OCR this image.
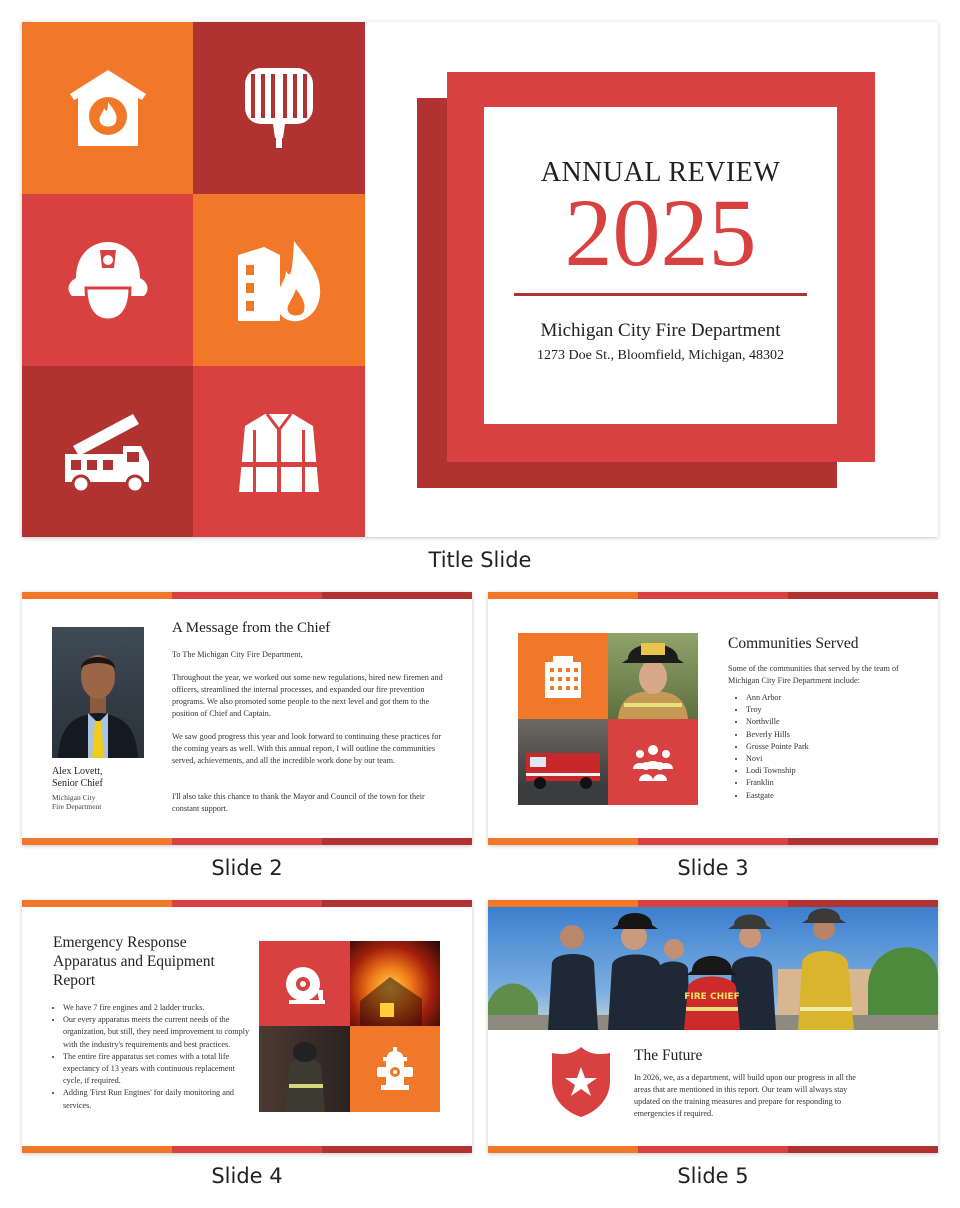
ANNUAL REVIEW
2025
Michigan City Fire Department
1273 Doe St., Bloomfield, Michigan, 48302
Title Slide
Alex Lovett,
Senior Chief
Michigan City
Fire Department
A Message from the Chief
To The Michigan City Fire Department,
Throughout the year, we worked out some new regulations, hired new firemen and officers, streamlined the internal processes, and expanded our fire prevention programs. We also promoted some people to the next level and got them to the position of Chief and Captain.
We saw good progress this year and look forward to continuing these practices for the coming years as well. With this annual report, I will outline the communities served, achievements, and all the incredible work done by our team.
I'll also take this chance to thank the Mayor and Council of the town for their constant support.
Slide 2
Communities Served
Some of the communities that served by the team of Michigan City Fire Department include:
• Ann Arbor
• Troy
• Northville
• Beverly Hills
• Grosse Pointe Park
• Novi
• Lodi Township
• Franklin
• Eastgate
Slide 3
Emergency Response Apparatus and Equipment Report
• We have 7 fire engines and 2 ladder trucks.
• Our every apparatus meets the current needs of the organization, but still, they need improvement to comply with the industry's requirements and best practices.
• The entire fire apparatus set comes with a total life expectancy of 13 years with continuous replacement cycle, if required.
• Adding 'First Run Engines' for daily monitoring and services.
Slide 4
FIRE CHIEF
The Future
In 2026, we, as a department, will build upon our progress in all the areas that are mentioned in this report. Our team will always stay updated on the training measures and prepare for responding to emergencies if required.
Slide 5
